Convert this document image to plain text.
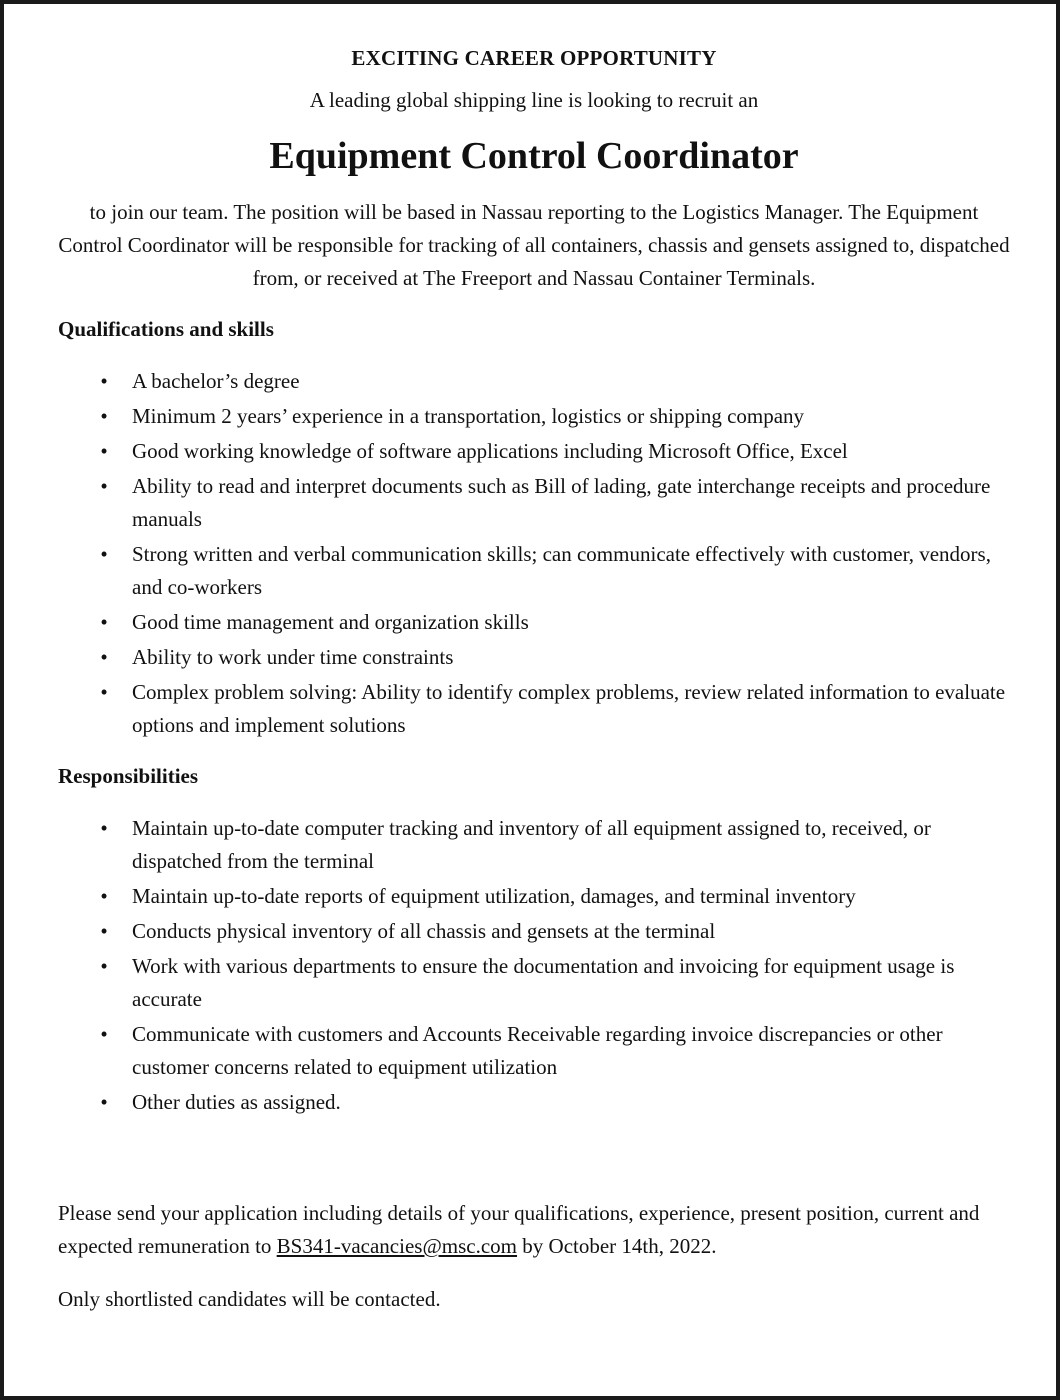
EXCITING CAREER OPPORTUNITY

A leading global shipping line is looking to recruit an

Equipment Control Coordinator

to join our team. The position will be based in Nassau reporting to the Logistics Manager. The Equipment Control Coordinator will be responsible for tracking of all containers, chassis and gensets assigned to, dispatched from, or received at The Freeport and Nassau Container Terminals.

Qualifications and skills

•	A bachelor’s degree
•	Minimum 2 years’ experience in a transportation, logistics or shipping company
•	Good working knowledge of software applications including Microsoft Office, Excel
•	Ability to read and interpret documents such as Bill of lading, gate interchange receipts and procedure manuals
•	Strong written and verbal communication skills; can communicate effectively with customer, vendors, and co-workers
•	Good time management and organization skills
•	Ability to work under time constraints
•	Complex problem solving: Ability to identify complex problems, review related information to evaluate options and implement solutions

Responsibilities

•	Maintain up-to-date computer tracking and inventory of all equipment assigned to, received, or dispatched from the terminal
•	Maintain up-to-date reports of equipment utilization, damages, and terminal inventory
•	Conducts physical inventory of all chassis and gensets at the terminal
•	Work with various departments to ensure the documentation and invoicing for equipment usage is accurate
•	Communicate with customers and Accounts Receivable regarding invoice discrepancies or other customer concerns related to equipment utilization
•	Other duties as assigned.

Please send your application including details of your qualifications, experience, present position, current and expected remuneration to BS341-vacancies@msc.com by October 14th, 2022.

Only shortlisted candidates will be contacted.
